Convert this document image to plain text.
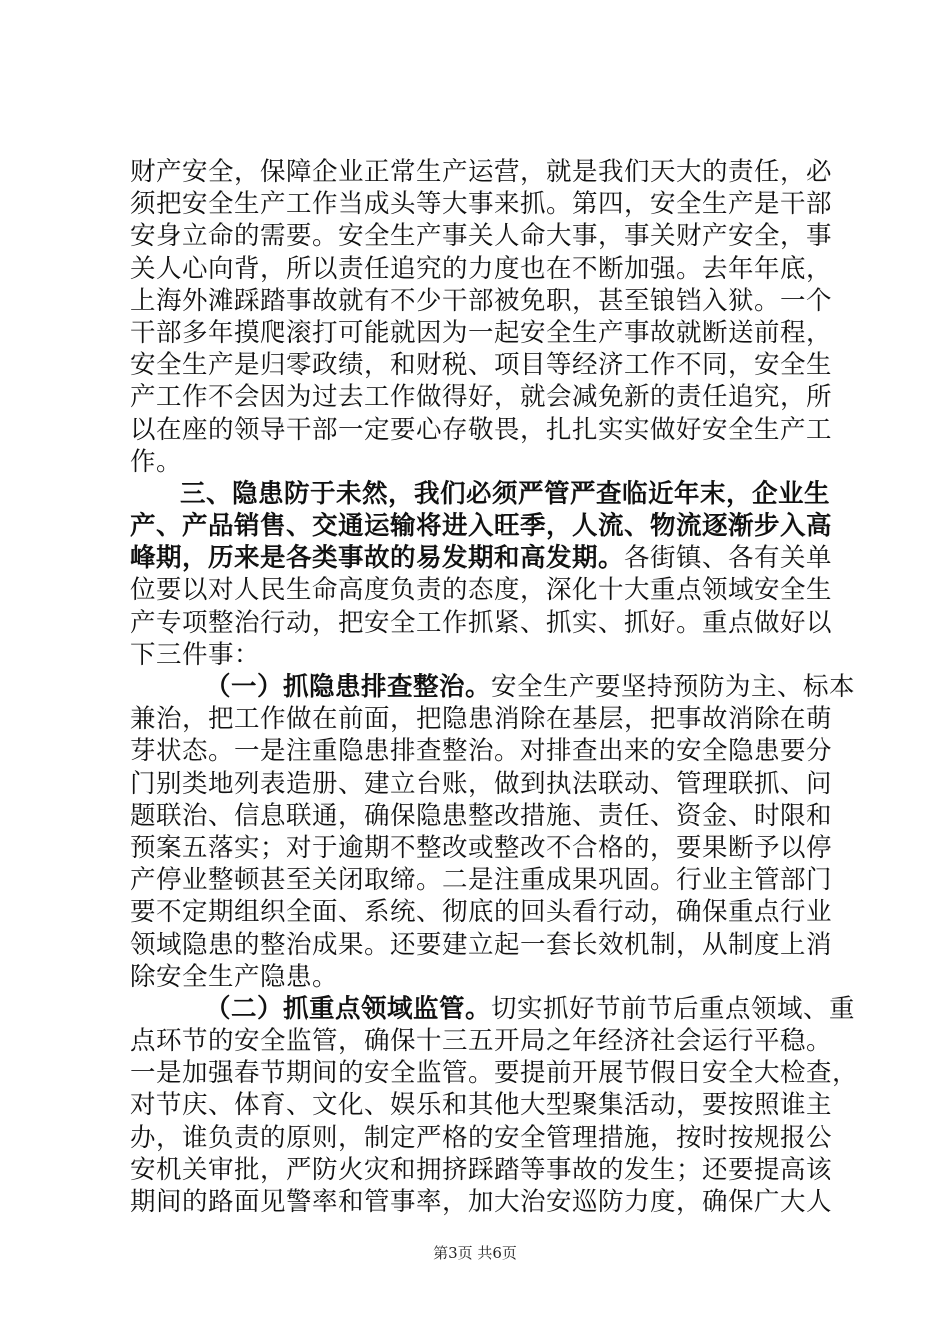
财产安全，保障企业正常生产运营，就是我们天大的责任，必
须把安全生产工作当成头等大事来抓。第四，安全生产是干部
安身立命的需要。安全生产事关人命大事，事关财产安全，事
关人心向背，所以责任追究的力度也在不断加强。去年年底，
上海外滩踩踏事故就有不少干部被免职，甚至锒铛入狱。一个
干部多年摸爬滚打可能就因为一起安全生产事故就断送前程，
安全生产是归零政绩，和财税、项目等经济工作不同，安全生
产工作不会因为过去工作做得好，就会减免新的责任追究，所
以在座的领导干部一定要心存敬畏，扎扎实实做好安全生产工
作。
三、隐患防于未然，我们必须严管严查临近年末，企业生
产、产品销售、交通运输将进入旺季，人流、物流逐渐步入高
峰期，历来是各类事故的易发期和高发期。各街镇、各有关单
位要以对人民生命高度负责的态度，深化十大重点领域安全生
产专项整治行动，把安全工作抓紧、抓实、抓好。重点做好以
下三件事：
（一）抓隐患排查整治。安全生产要坚持预防为主、标本
兼治，把工作做在前面，把隐患消除在基层，把事故消除在萌
芽状态。一是注重隐患排查整治。对排查出来的安全隐患要分
门别类地列表造册、建立台账，做到执法联动、管理联抓、问
题联治、信息联通，确保隐患整改措施、责任、资金、时限和
预案五落实；对于逾期不整改或整改不合格的，要果断予以停
产停业整顿甚至关闭取缔。二是注重成果巩固。行业主管部门
要不定期组织全面、系统、彻底的回头看行动，确保重点行业
领域隐患的整治成果。还要建立起一套长效机制，从制度上消
除安全生产隐患。
（二）抓重点领域监管。切实抓好节前节后重点领域、重
点环节的安全监管，确保十三五开局之年经济社会运行平稳。
一是加强春节期间的安全监管。要提前开展节假日安全大检查，
对节庆、体育、文化、娱乐和其他大型聚集活动，要按照谁主
办，谁负责的原则，制定严格的安全管理措施，按时按规报公
安机关审批，严防火灾和拥挤踩踏等事故的发生；还要提高该
期间的路面见警率和管事率，加大治安巡防力度，确保广大人
第3页 共6页
